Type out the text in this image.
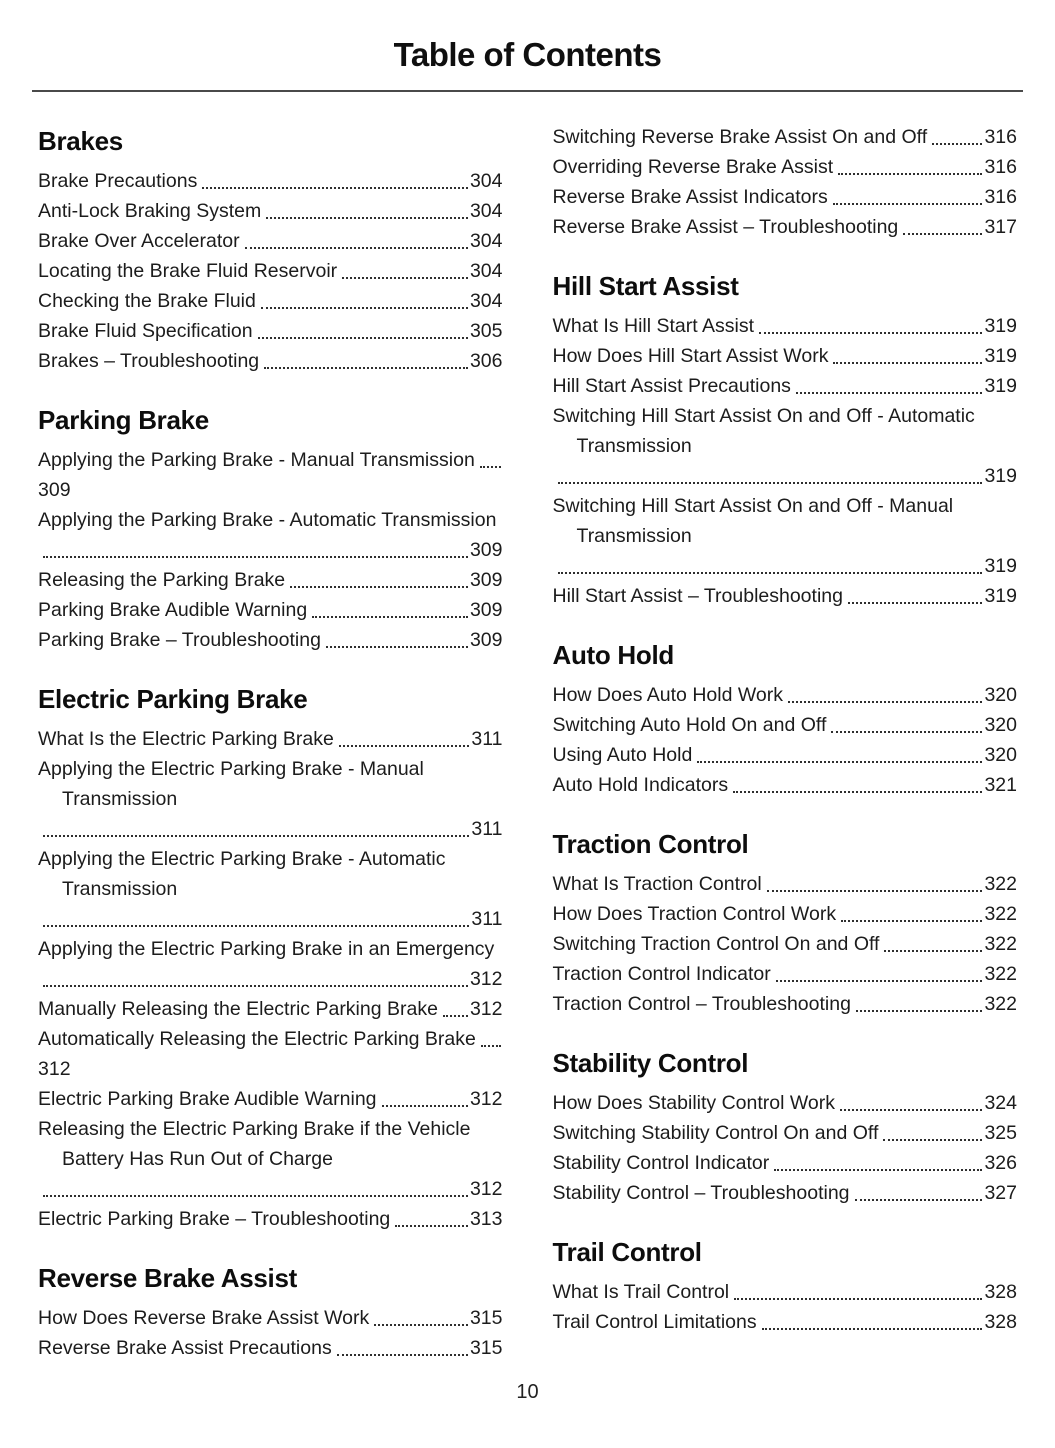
Table of Contents
Brakes
Brake Precautions	304
Anti-Lock Braking System	304
Brake Over Accelerator	304
Locating the Brake Fluid Reservoir	304
Checking the Brake Fluid	304
Brake Fluid Specification	305
Brakes – Troubleshooting	306
Parking Brake
Applying the Parking Brake - Manual Transmission
309
Applying the Parking Brake - Automatic Transmission
309
Releasing the Parking Brake	309
Parking Brake Audible Warning	309
Parking Brake – Troubleshooting	309
Electric Parking Brake
What Is the Electric Parking Brake	311
Applying the Electric Parking Brake - Manual Transmission
311
Applying the Electric Parking Brake - Automatic Transmission
311
Applying the Electric Parking Brake in an Emergency
312
Manually Releasing the Electric Parking Brake 312
Automatically Releasing the Electric Parking Brake
312
Electric Parking Brake Audible Warning	312
Releasing the Electric Parking Brake if the Vehicle Battery Has Run Out of Charge
312
Electric Parking Brake – Troubleshooting	313
Reverse Brake Assist
How Does Reverse Brake Assist Work	315
Reverse Brake Assist Precautions	315
Switching Reverse Brake Assist On and Off	316
Overriding Reverse Brake Assist	316
Reverse Brake Assist Indicators	316
Reverse Brake Assist – Troubleshooting	317
Hill Start Assist
What Is Hill Start Assist	319
How Does Hill Start Assist Work	319
Hill Start Assist Precautions	319
Switching Hill Start Assist On and Off - Automatic Transmission
319
Switching Hill Start Assist On and Off - Manual Transmission
319
Hill Start Assist – Troubleshooting	319
Auto Hold
How Does Auto Hold Work	320
Switching Auto Hold On and Off	320
Using Auto Hold	320
Auto Hold Indicators	321
Traction Control
What Is Traction Control	322
How Does Traction Control Work	322
Switching Traction Control On and Off	322
Traction Control Indicator	322
Traction Control – Troubleshooting	322
Stability Control
How Does Stability Control Work	324
Switching Stability Control On and Off	325
Stability Control Indicator	326
Stability Control – Troubleshooting	327
Trail Control
What Is Trail Control	328
Trail Control Limitations	328
10
